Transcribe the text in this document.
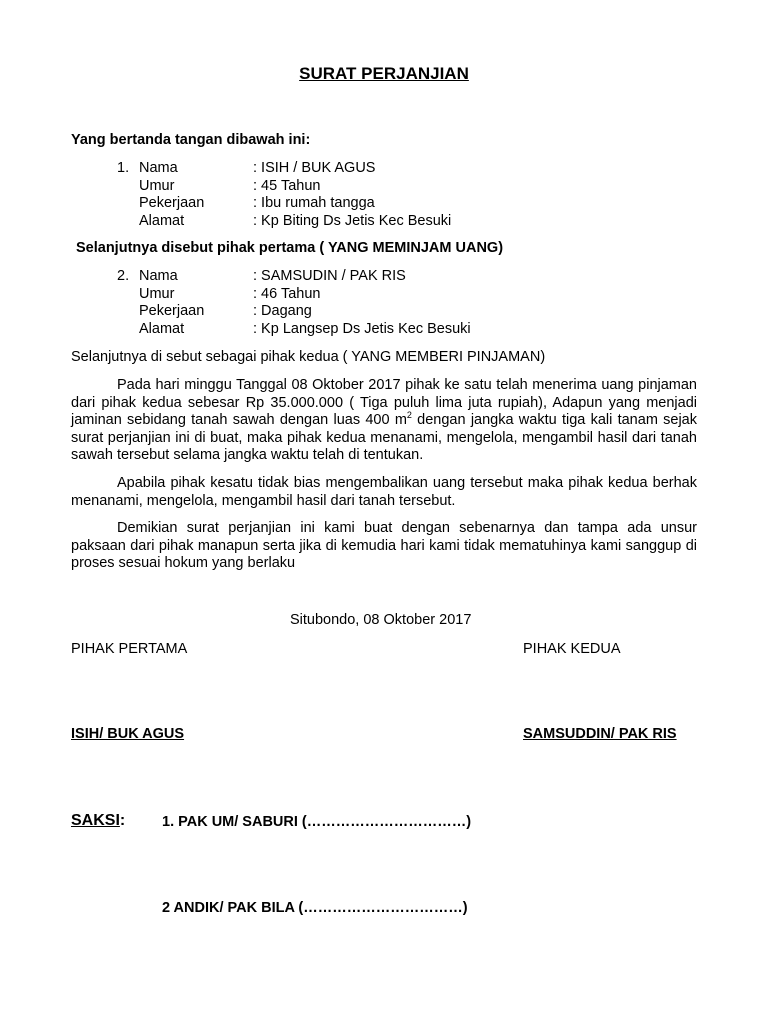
SURAT PERJANJIAN
Yang bertanda tangan dibawah ini:
1. Nama	: ISIH / BUK AGUS
Umur	: 45 Tahun
Pekerjaan	: Ibu rumah tangga
Alamat	: Kp Biting Ds Jetis Kec Besuki
Selanjutnya disebut pihak pertama ( YANG MEMINJAM UANG)
2. Nama	: SAMSUDIN / PAK RIS
Umur	: 46 Tahun
Pekerjaan	: Dagang
Alamat	: Kp Langsep Ds Jetis Kec Besuki
Selanjutnya di sebut sebagai pihak kedua ( YANG MEMBERI PINJAMAN)

Pada hari minggu Tanggal 08 Oktober 2017 pihak ke satu telah menerima uang pinjaman dari pihak kedua sebesar Rp 35.000.000 ( Tiga puluh lima juta rupiah), Adapun yang menjadi jaminan sebidang tanah sawah dengan luas 400 $m^2$ dengan jangka waktu tiga kali tanam sejak surat perjanjian ini di buat, maka pihak kedua menanami, mengelola, mengambil hasil dari tanah sawah tersebut selama jangka waktu telah di tentukan.

Apabila pihak kesatu tidak bias mengembalikan uang tersebut maka pihak kedua berhak menanami, mengelola, mengambil hasil dari tanah tersebut.

Demikian surat perjanjian ini kami buat dengan sebenarnya dan tampa ada unsur paksaan dari pihak manapun serta jika di kemudia hari kami tidak mematuhinya kami sanggup di proses sesuai hokum yang berlaku

Situbondo, 08 Oktober 2017
PIHAK PERTAMA	PIHAK KEDUA
ISIH/ BUK AGUS	SAMSUDDIN/ PAK RIS
SAKSI:	1. PAK UM/ SABURI (……………………………)
2 ANDIK/ PAK BILA (……………………………)
